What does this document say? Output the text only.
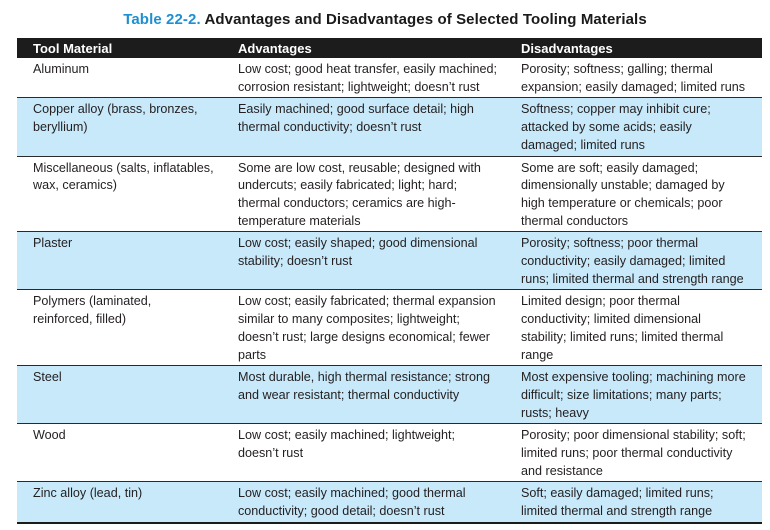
Table 22-2. Advantages and Disadvantages of Selected Tooling Materials
Tool Material	Advantages	Disadvantages

Aluminum	Low cost; good heat transfer, easily machined;
corrosion resistant; lightweight; doesn’t rust	Porosity; softness; galling; thermal
expansion; easily damaged; limited runs

Copper alloy (brass, bronzes,
beryllium)	Easily machined; good surface detail; high
thermal conductivity; doesn’t rust	Softness; copper may inhibit cure;
attacked by some acids; easily
damaged; limited runs

Miscellaneous (salts, inflatables,
wax, ceramics)	Some are low cost, reusable; designed with
undercuts; easily fabricated; light; hard;
thermal conductors; ceramics are high-
temperature materials	Some are soft; easily damaged;
dimensionally unstable; damaged by
high temperature or chemicals; poor
thermal conductors

Plaster	Low cost; easily shaped; good dimensional
stability; doesn’t rust	Porosity; softness; poor thermal
conductivity; easily damaged; limited
runs; limited thermal and strength range

Polymers (laminated,
reinforced, filled)	Low cost; easily fabricated; thermal expansion
similar to many composites; lightweight;
doesn’t rust; large designs economical; fewer
parts	Limited design; poor thermal
conductivity; limited dimensional
stability; limited runs; limited thermal
range

Steel	Most durable, high thermal resistance; strong
and wear resistant; thermal conductivity	Most expensive tooling; machining more
difficult; size limitations; many parts;
rusts; heavy

Wood	Low cost; easily machined; lightweight;
doesn’t rust	Porosity; poor dimensional stability; soft;
limited runs; poor thermal conductivity
and resistance

Zinc alloy (lead, tin)	Low cost; easily machined; good thermal
conductivity; good detail; doesn’t rust	Soft; easily damaged; limited runs;
limited thermal and strength range
